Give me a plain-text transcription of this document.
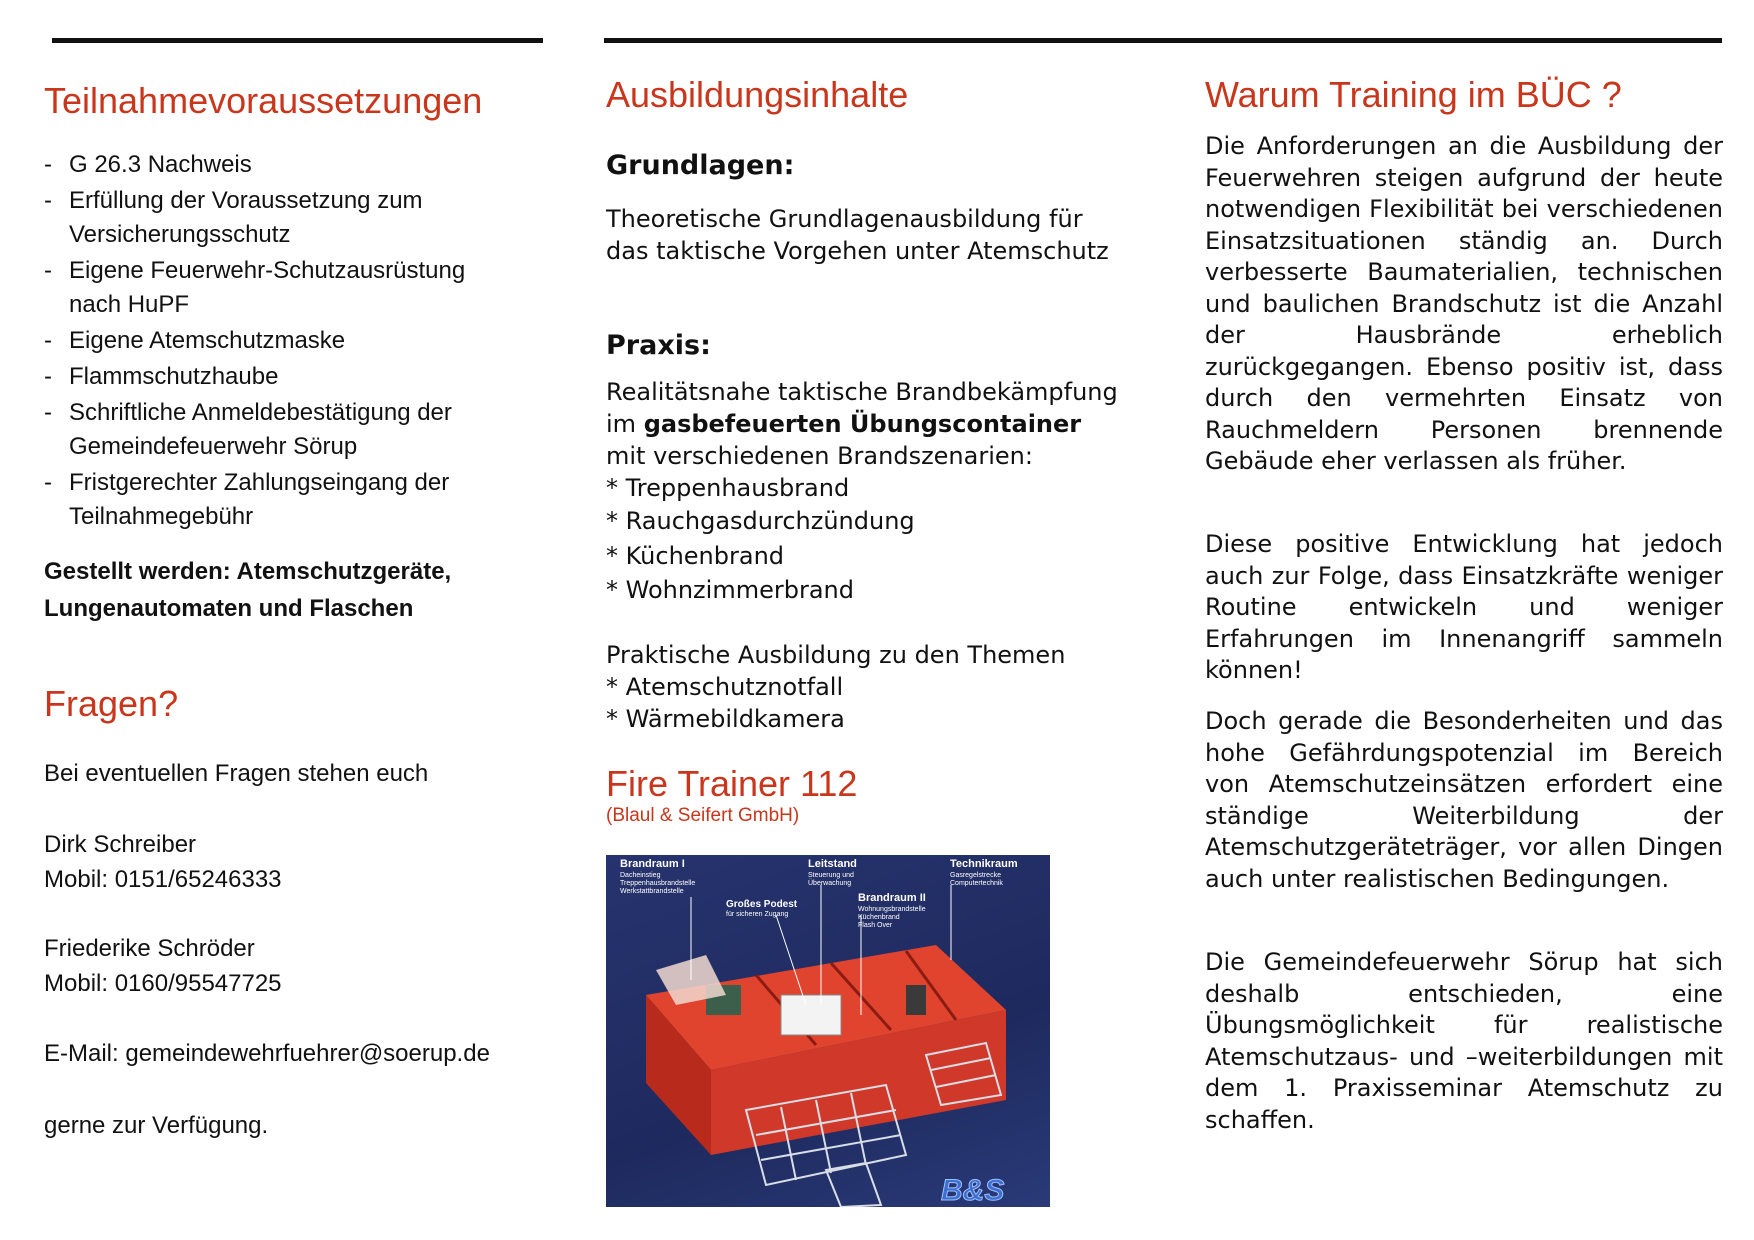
Teilnahmevoraussetzungen
- G 26.3 Nachweis
- Erfüllung der Voraussetzung zum Versicherungsschutz
- Eigene Feuerwehr-Schutzausrüstung nach HuPF
- Eigene Atemschutzmaske
- Flammschutzhaube
- Schriftliche Anmeldebestätigung der Gemeindefeuerwehr Sörup
- Fristgerechter Zahlungseingang der Teilnahmegebühr
Gestellt werden: Atemschutzgeräte, Lungenautomaten und Flaschen
Fragen?
Bei eventuellen Fragen stehen euch
Dirk Schreiber
Mobil: 0151/65246333
Friederike Schröder
Mobil: 0160/95547725
E-Mail: gemeindewehrfuehrer@soerup.de
gerne zur Verfügung.
Ausbildungsinhalte
Grundlagen:
Theoretische Grundlagenausbildung für
das taktische Vorgehen unter Atemschutz
Praxis:
Realitätsnahe taktische Brandbekämpfung
im gasbefeuerten Übungscontainer
mit verschiedenen Brandszenarien:
* Treppenhausbrand
* Rauchgasdurchzündung
* Küchenbrand
* Wohnzimmerbrand
Praktische Ausbildung zu den Themen
* Atemschutznotfall
* Wärmebildkamera
Fire Trainer 112
(Blaul & Seifert GmbH)
Brandraum I
Dacheinstieg
Treppenhausbrandstelle
Werkstattbrandstelle
Leitstand
Steuerung und
Überwachung
Technikraum
Gasregelstrecke
Computertechnik
Brandraum II
Wohnungsbrandstelle
Küchenbrand
Flash Over
Großes Podest
für sicheren Zugang
B&S
Warum Training im BÜC ?

Die Anforderungen an die Ausbildung der Feuerwehren steigen aufgrund der heute notwendigen Flexibilität bei verschiedenen Einsatzsituationen ständig an. Durch verbesserte Baumaterialien, technischen und baulichen Brandschutz ist die Anzahl der Hausbrände erheblich zurückgegangen. Ebenso positiv ist, dass durch den vermehrten Einsatz von Rauchmeldern Personen brennende Gebäude eher verlassen als früher.

Diese positive Entwicklung hat jedoch auch zur Folge, dass Einsatzkräfte weniger Routine entwickeln und weniger Erfahrungen im Innenangriff sammeln können!

Doch gerade die Besonderheiten und das hohe Gefährdungspotenzial im Bereich von Atemschutzeinsätzen erfordert eine ständige Weiterbildung der Atemschutzgeräteträger, vor allen Dingen auch unter realistischen Bedingungen.

Die Gemeindefeuerwehr Sörup hat sich deshalb entschieden, eine Übungsmöglichkeit für realistische Atemschutzaus- und –weiterbildungen mit dem 1. Praxisseminar Atemschutz zu schaffen.
